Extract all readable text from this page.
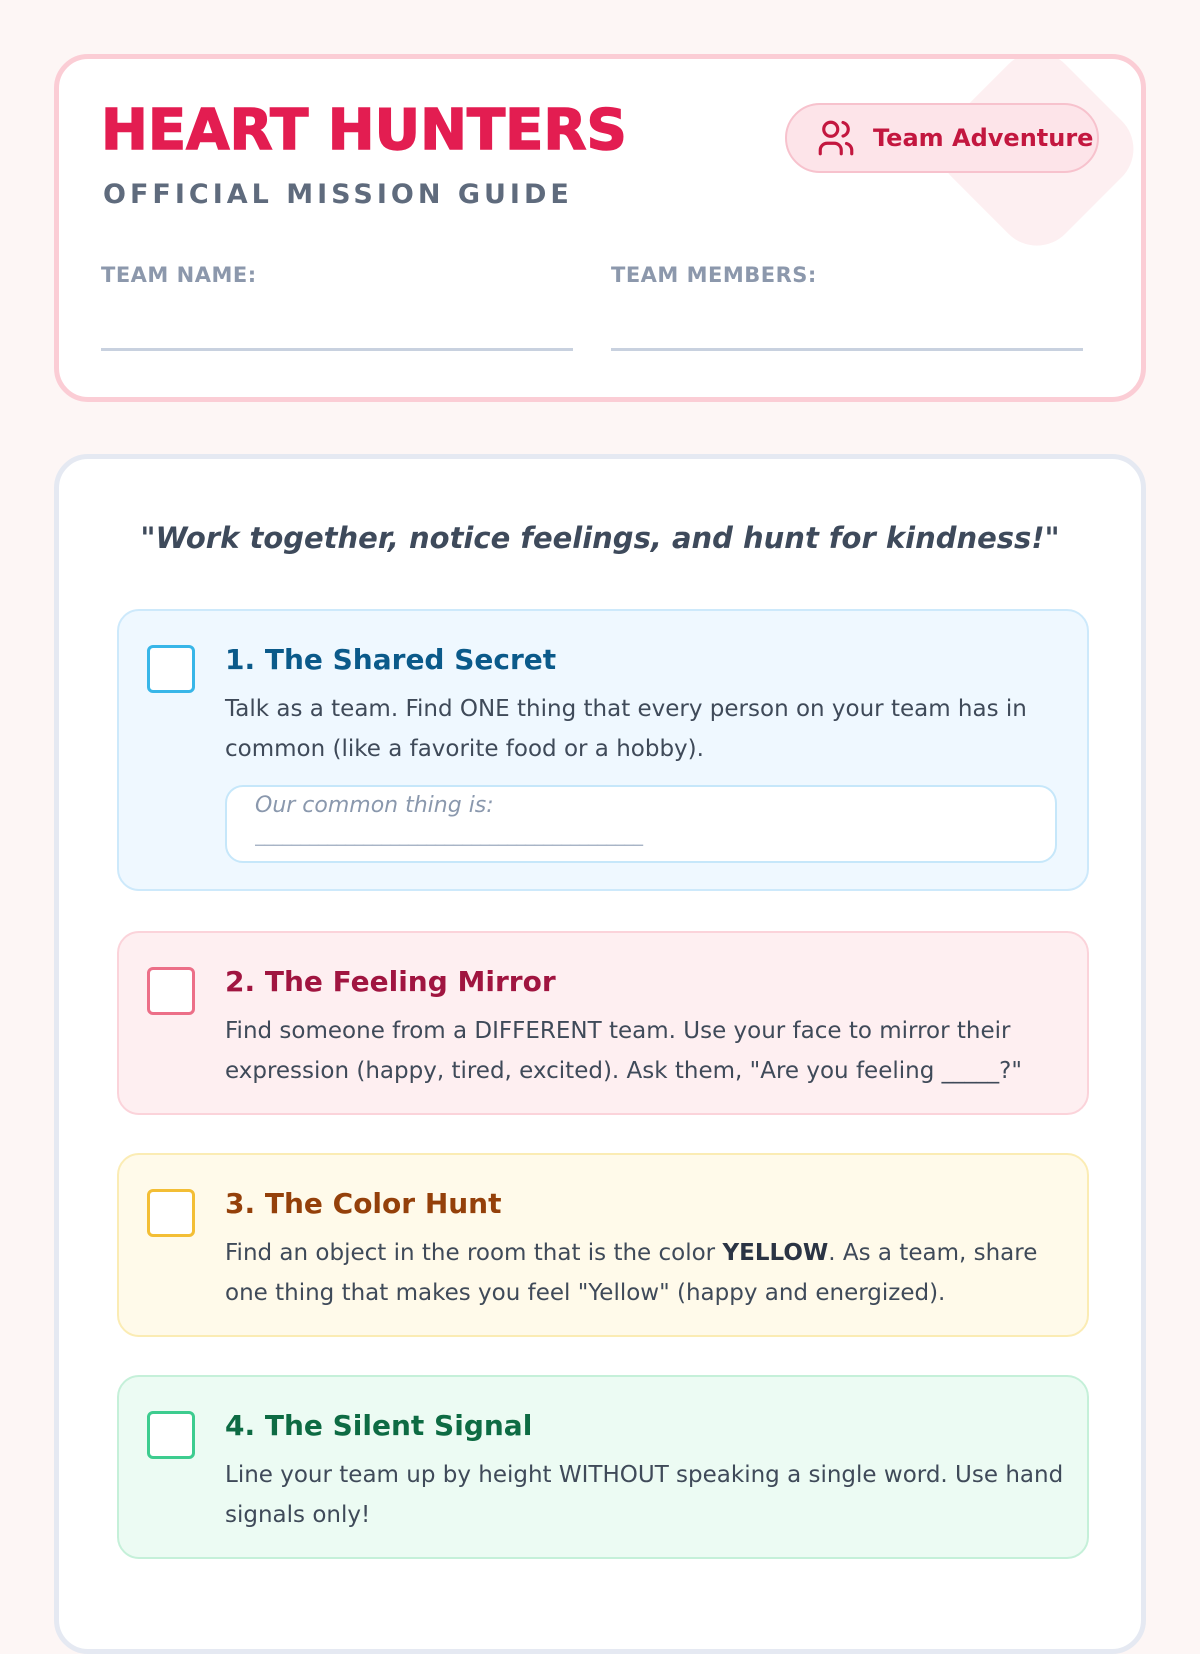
HEART HUNTERS
OFFICIAL MISSION GUIDE
Team Adventure
TEAM NAME:	TEAM MEMBERS:
"Work together, notice feelings, and hunt for kindness!"
1. The Shared Secret
Talk as a team. Find ONE thing that every person on your team has in common (like a favorite food or a hobby).
Our common thing is:
___________________________________________
2. The Feeling Mirror
Find someone from a DIFFERENT team. Use your face to mirror their expression (happy, tired, excited). Ask them, "Are you feeling _____?"
3. The Color Hunt
Find an object in the room that is the color YELLOW. As a team, share one thing that makes you feel "Yellow" (happy and energized).
4. The Silent Signal
Line your team up by height WITHOUT speaking a single word. Use hand signals only!
